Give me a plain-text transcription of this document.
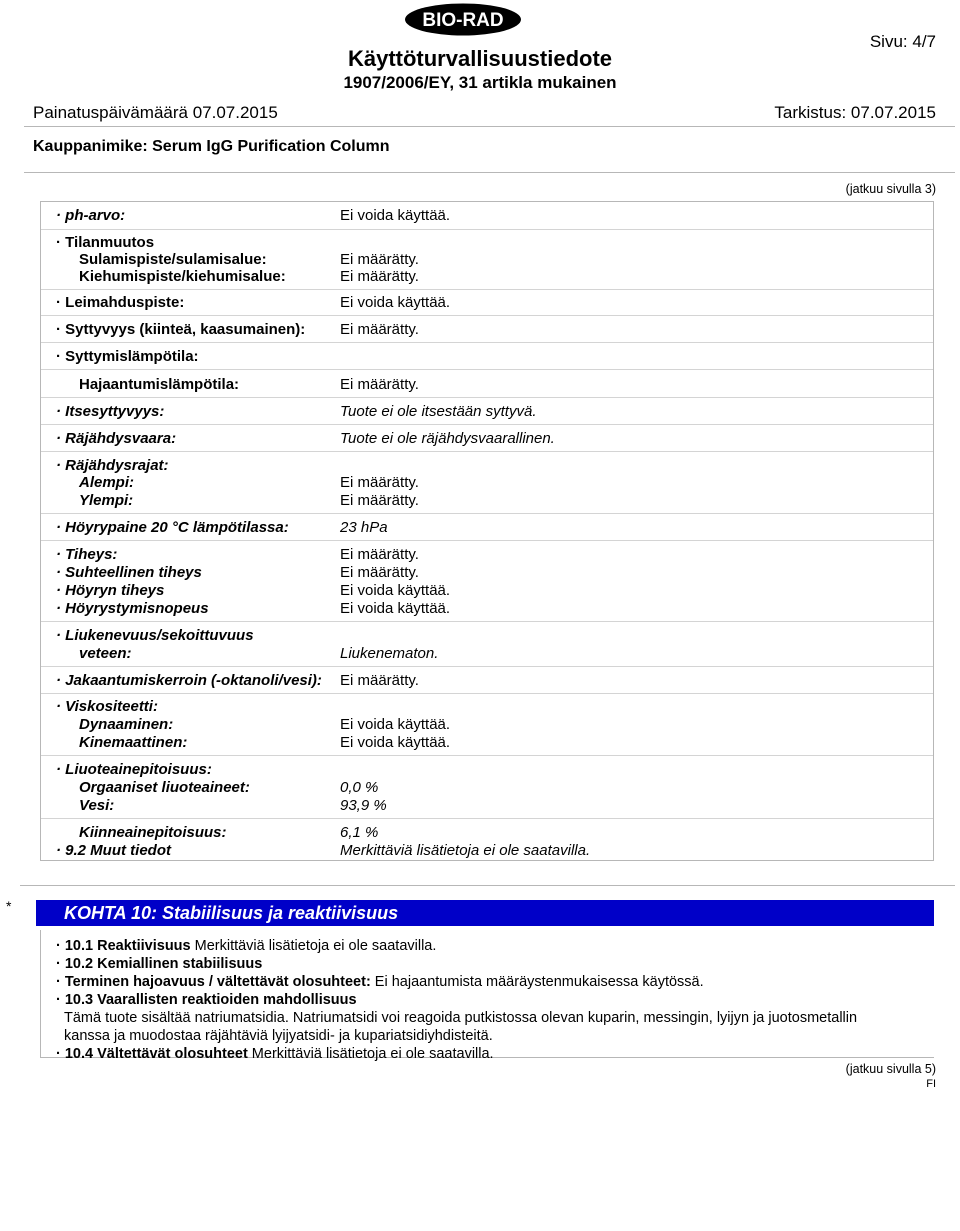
BIO-RAD
Käyttöturvallisuustiedote
1907/2006/EY, 31 artikla mukainen
Sivu: 4/7
Painatuspäivämäärä 07.07.2015	Tarkistus: 07.07.2015
Kauppanimike: Serum IgG Purification Column
(jatkuu sivulla 3)
· ph-arvo:	Ei voida käyttää.
· Tilanmuutos
Sulamispiste/sulamisalue:	Ei määrätty.
Kiehumispiste/kiehumisalue:	Ei määrätty.
· Leimahduspiste:	Ei voida käyttää.
· Syttyvyys (kiinteä, kaasumainen): Ei määrätty.
· Syttymislämpötila:
Hajaantumislämpötila:	Ei määrätty.
· Itsesyttyvyys:	Tuote ei ole itsestään syttyvä.
· Räjähdysvaara:	Tuote ei ole räjähdysvaarallinen.
· Räjähdysrajat:
Alempi:	Ei määrätty.
Ylempi:	Ei määrätty.
· Höyrypaine 20 °C lämpötilassa:	23 hPa
· Tiheys:	Ei määrätty.
· Suhteellinen tiheys	Ei määrätty.
· Höyryn tiheys	Ei voida käyttää.
· Höyrystymisnopeus	Ei voida käyttää.
· Liukenevuus/sekoittuvuus
veteen:	Liukenematon.
· Jakaantumiskerroin (-oktanoli/vesi): Ei määrätty.
· Viskositeetti:
Dynaaminen:	Ei voida käyttää.
Kinemaattinen:	Ei voida käyttää.
· Liuoteainepitoisuus:
Orgaaniset liuoteaineet:	0,0 %
Vesi:	93,9 %
Kiinneainepitoisuus:	6,1 %
· 9.2 Muut tiedot	Merkittäviä lisätietoja ei ole saatavilla.
*	KOHTA 10: Stabiilisuus ja reaktiivisuus
· 10.1 Reaktiivisuus Merkittäviä lisätietoja ei ole saatavilla.
· 10.2 Kemiallinen stabiilisuus
· Terminen hajoavuus / vältettävät olosuhteet: Ei hajaantumista määräystenmukaisessa käytössä.
· 10.3 Vaarallisten reaktioiden mahdollisuus
Tämä tuote sisältää natriumatsidia. Natriumatsidi voi reagoida putkistossa olevan kuparin, messingin, lyijyn ja juotosmetallin
kanssa ja muodostaa räjähtäviä lyijyatsidi- ja kupariatsidiyhdisteitä.
· 10.4 Vältettävät olosuhteet Merkittäviä lisätietoja ei ole saatavilla.
(jatkuu sivulla 5)
FI
